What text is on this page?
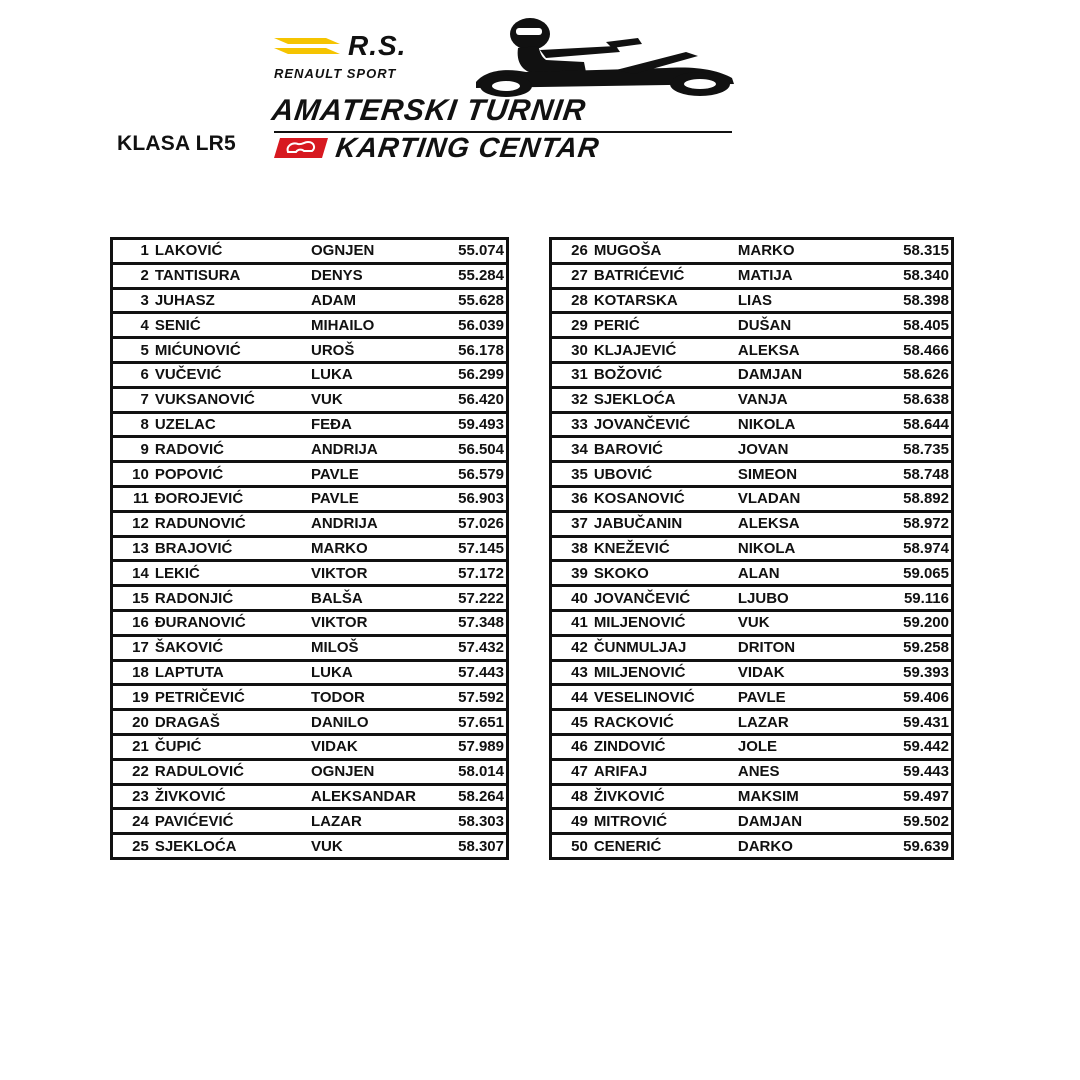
KLASA LR5
R.S.
RENAULT SPORT
AMATERSKI TURNIR
KARTING CENTAR
1	LAKOVIĆ	OGNJEN	55.074
2	TANTISURA	DENYS	55.284
3	JUHASZ	ADAM	55.628
4	SENIĆ	MIHAILO	56.039
5	MIĆUNOVIĆ	UROŠ	56.178
6	VUČEVIĆ	LUKA	56.299
7	VUKSANOVIĆ	VUK	56.420
8	UZELAC	FEĐA	59.493
9	RADOVIĆ	ANDRIJA	56.504
10	POPOVIĆ	PAVLE	56.579
11	ĐOROJEVIĆ	PAVLE	56.903
12	RADUNOVIĆ	ANDRIJA	57.026
13	BRAJOVIĆ	MARKO	57.145
14	LEKIĆ	VIKTOR	57.172
15	RADONJIĆ	BALŠA	57.222
16	ĐURANOVIĆ	VIKTOR	57.348
17	ŠAKOVIĆ	MILOŠ	57.432
18	LAPTUTA	LUKA	57.443
19	PETRIČEVIĆ	TODOR	57.592
20	DRAGAŠ	DANILO	57.651
21	ČUPIĆ	VIDAK	57.989
22	RADULOVIĆ	OGNJEN	58.014
23	ŽIVKOVIĆ	ALEKSANDAR	58.264
24	PAVIĆEVIĆ	LAZAR	58.303
25	SJEKLOĆA	VUK	58.307
26	MUGOŠA	MARKO	58.315
27	BATRIĆEVIĆ	MATIJA	58.340
28	KOTARSKA	LIAS	58.398
29	PERIĆ	DUŠAN	58.405
30	KLJAJEVIĆ	ALEKSA	58.466
31	BOŽOVIĆ	DAMJAN	58.626
32	SJEKLOĆA	VANJA	58.638
33	JOVANČEVIĆ	NIKOLA	58.644
34	BAROVIĆ	JOVAN	58.735
35	UBOVIĆ	SIMEON	58.748
36	KOSANOVIĆ	VLADAN	58.892
37	JABUČANIN	ALEKSA	58.972
38	KNEŽEVIĆ	NIKOLA	58.974
39	SKOKO	ALAN	59.065
40	JOVANČEVIĆ	LJUBO	59.116
41	MILJENOVIĆ	VUK	59.200
42	ČUNMULJAJ	DRITON	59.258
43	MILJENOVIĆ	VIDAK	59.393
44	VESELINOVIĆ	PAVLE	59.406
45	RACKOVIĆ	LAZAR	59.431
46	ZINDOVIĆ	JOLE	59.442
47	ARIFAJ	ANES	59.443
48	ŽIVKOVIĆ	MAKSIM	59.497
49	MITROVIĆ	DAMJAN	59.502
50	CENERIĆ	DARKO	59.639
